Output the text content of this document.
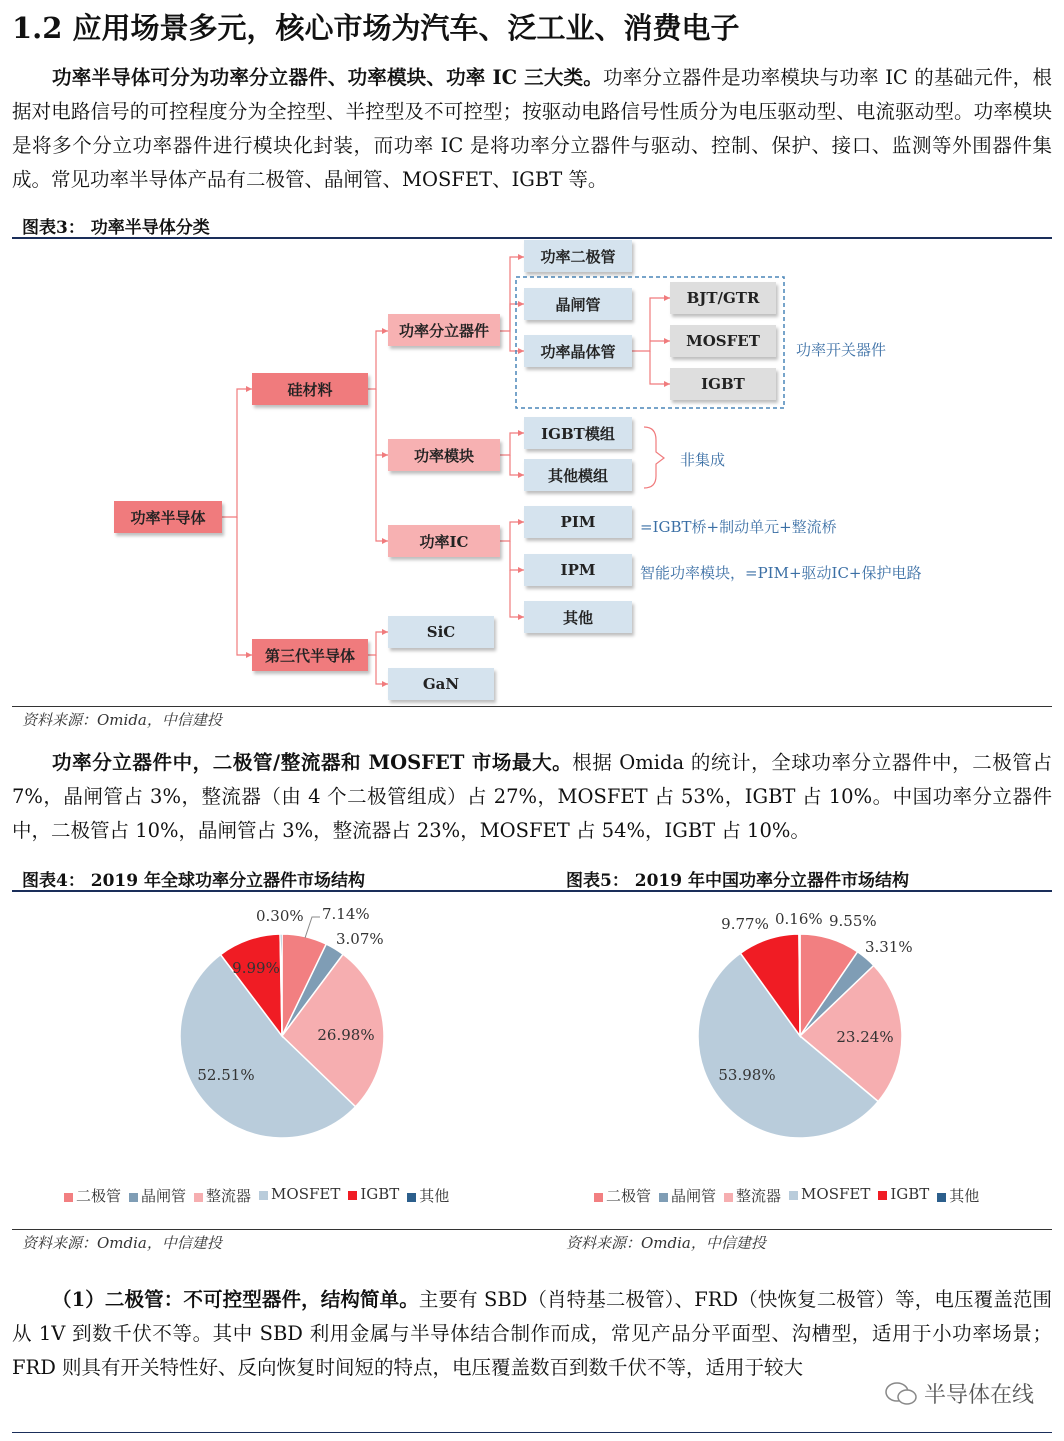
1.2 应用场景多元，核心市场为汽车、泛工业、消费电子
功率半导体可分为功率分立器件、功率模块、功率 IC 三大类。功率分立器件是功率模块与功率 IC 的基础元件，根据对电路信号的可控程度分为全控型、半控型及不可控型；按驱动电路信号性质分为电压驱动型、电流驱动型。功率模块是将多个分立功率器件进行模块化封装，而功率 IC 是将功率分立器件与驱动、控制、保护、接口、监测等外围器件集成。常见功率半导体产品有二极管、晶闸管、MOSFET、IGBT 等。
图表3： 功率半导体分类
功率半导体
硅材料
第三代半导体
功率分立器件
功率模块
功率IC
SiC
GaN
功率二极管
晶闸管
功率晶体管
BJT/GTR
MOSFET
IGBT
功率开关器件
IGBT模组
其他模组
非集成
PIM
IPM
其他
=IGBT桥+制动单元+整流桥
智能功率模块，=PIM+驱动IC+保护电路
资料来源：Omida，中信建投
功率分立器件中，二极管/整流器和 MOSFET 市场最大。根据 Omida 的统计，全球功率分立器件中，二极管占 7%，晶闸管占 3%，整流器（由 4 个二极管组成）占 27%，MOSFET 占 53%，IGBT 占 10%。中国功率分立器件中，二极管占 10%，晶闸管占 3%，整流器占 23%，MOSFET 占 54%，IGBT 占 10%。
图表4： 2019 年全球功率分立器件市场结构	图表5： 2019 年中国功率分立器件市场结构
7.14%
3.07%
26.98%
52.51%
9.99%
0.30%	9.55%
3.31%
23.24%
53.98%
9.77% 0.16%
二极管	晶闸管	整流器	MOSFET	IGBT	其他	二极管	晶闸管	整流器	MOSFET	IGBT	其他
资料来源：Omdia，中信建投	资料来源：Omdia，中信建投
（1）二极管：不可控型器件，结构简单。主要有 SBD（肖特基二极管）、FRD（快恢复二极管）等，电压覆盖范围从 1V 到数千伏不等。其中 SBD 利用金属与半导体结合制作而成，常见产品分平面型、沟槽型，适用于小功率场景；FRD 则具有开关特性好、反向恢复时间短的特点，电压覆盖数百到数千伏不等，适用于较大
半导体在线
